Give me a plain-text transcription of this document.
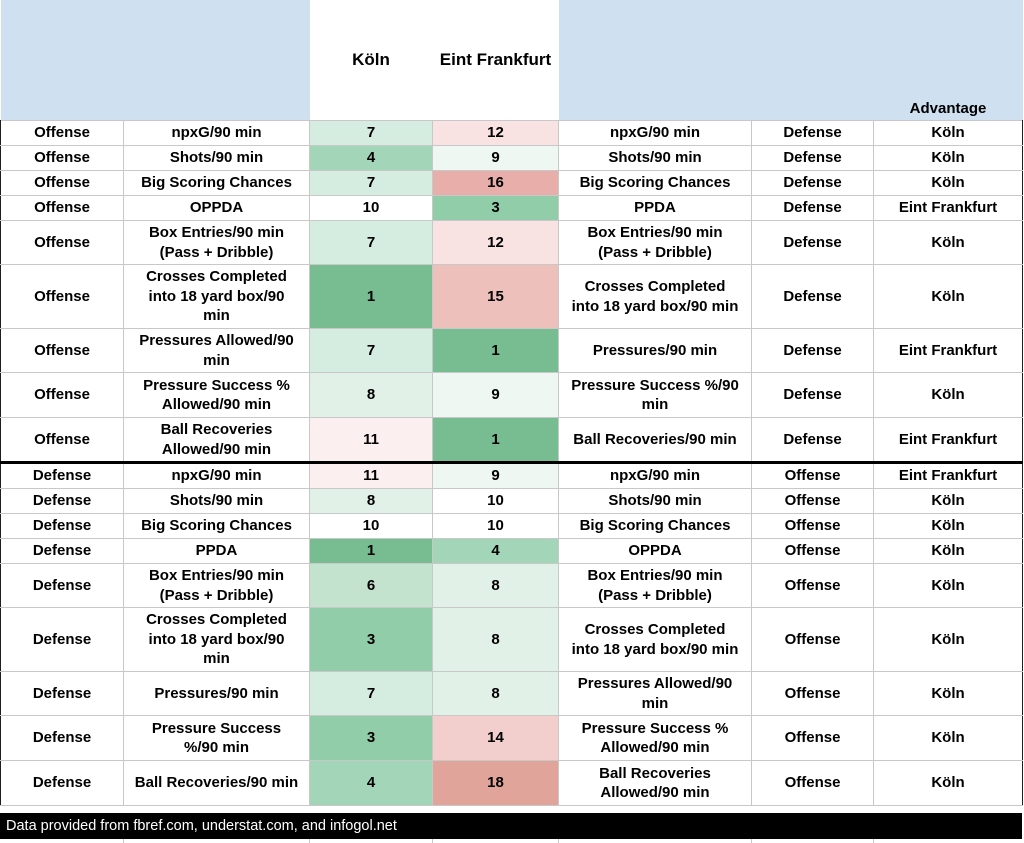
		Köln	Eint Frankfurt			Advantage
Offense	npxG/90 min	7	12	npxG/90 min	Defense	Köln
Offense	Shots/90 min	4	9	Shots/90 min	Defense	Köln
Offense	Big Scoring Chances	7	16	Big Scoring Chances	Defense	Köln
Offense	OPPDA	10	3	PPDA	Defense	Eint Frankfurt
Offense	Box Entries/90 min
(Pass + Dribble)	7	12	Box Entries/90 min
(Pass + Dribble)	Defense	Köln
Offense	Crosses Completed
into 18 yard box/90
min	1	15	Crosses Completed
into 18 yard box/90 min	Defense	Köln
Offense	Pressures Allowed/90
min	7	1	Pressures/90 min	Defense	Eint Frankfurt
Offense	Pressure Success %
Allowed/90 min	8	9	Pressure Success %/90
min	Defense	Köln
Offense	Ball Recoveries
Allowed/90 min	11	1	Ball Recoveries/90 min	Defense	Eint Frankfurt
Defense	npxG/90 min	11	9	npxG/90 min	Offense	Eint Frankfurt
Defense	Shots/90 min	8	10	Shots/90 min	Offense	Köln
Defense	Big Scoring Chances	10	10	Big Scoring Chances	Offense	Köln
Defense	PPDA	1	4	OPPDA	Offense	Köln
Defense	Box Entries/90 min
(Pass + Dribble)	6	8	Box Entries/90 min
(Pass + Dribble)	Offense	Köln
Defense	Crosses Completed
into 18 yard box/90
min	3	8	Crosses Completed
into 18 yard box/90 min	Offense	Köln
Defense	Pressures/90 min	7	8	Pressures Allowed/90
min	Offense	Köln
Defense	Pressure Success
%/90 min	3	14	Pressure Success %
Allowed/90 min	Offense	Köln
Defense	Ball Recoveries/90 min	4	18	Ball Recoveries
Allowed/90 min	Offense	Köln
Data provided from fbref.com, understat.com, and infogol.net
